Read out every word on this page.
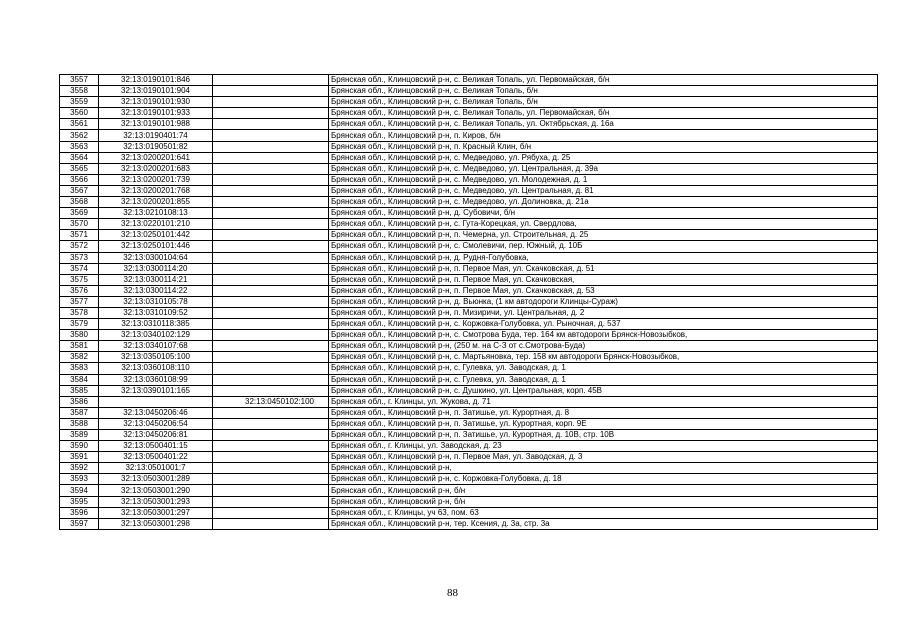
3557	32:13:0190101:846		Брянская обл., Клинцовский р-н, с. Великая Топаль, ул. Первомайская, б/н
3558	32:13:0190101:904		Брянская обл., Клинцовский р-н, с. Великая Топаль, б/н
3559	32:13:0190101:930		Брянская обл., Клинцовский р-н, с. Великая Топаль, б/н
3560	32:13:0190101:933		Брянская обл., Клинцовский р-н, с. Великая Топаль, ул. Первомайская, б/н
3561	32:13:0190101:988		Брянская обл., Клинцовский р-н, с. Великая Топаль, ул. Октябрьская, д. 16а
3562	32:13:0190401:74		Брянская обл., Клинцовский р-н, п. Киров, б/н
3563	32:13:0190501:82		Брянская обл., Клинцовский р-н, п. Красный Клин, б/н
3564	32:13:0200201:641		Брянская обл., Клинцовский р-н, с. Медведово, ул. Рябуха, д. 25
3565	32:13:0200201:683		Брянская обл., Клинцовский р-н, с. Медведово, ул. Центральная, д. 39а
3566	32:13:0200201:739		Брянская обл., Клинцовский р-н, с. Медведово, ул. Молодежная, д. 1
3567	32:13:0200201:768		Брянская обл., Клинцовский р-н, с. Медведово, ул. Центральная, д. 81
3568	32:13:0200201:855		Брянская обл., Клинцовский р-н, с. Медведово, ул. Долиновка, д. 21а
3569	32:13:0210108:13		Брянская обл., Клинцовский р-н, д. Субовичи, б/н
3570	32:13:0220101:210		Брянская обл., Клинцовский р-н, с. Гута-Корецкая, ул. Свердлова,
3571	32:13:0250101:442		Брянская обл., Клинцовский р-н, п. Чемерна, ул. Строительная, д. 25
3572	32:13:0250101:446		Брянская обл., Клинцовский р-н, с. Смолевичи, пер. Южный, д. 10Б
3573	32:13:0300104:64		Брянская обл., Клинцовский р-н, д. Рудня-Голубовка,
3574	32:13:0300114:20		Брянская обл., Клинцовский р-н, п. Первое Мая, ул. Скачковская, д. 51
3575	32:13:0300114:21		Брянская обл., Клинцовский р-н, п. Первое Мая, ул. Скачковская,
3576	32:13:0300114:22		Брянская обл., Клинцовский р-н, п. Первое Мая, ул. Скачковская, д. 53
3577	32:13:0310105:78		Брянская обл., Клинцовский р-н, д. Вьюнка, (1 км автодороги Клинцы-Сураж)
3578	32:13:0310109:52		Брянская обл., Клинцовский р-н, п. Мизиричи, ул. Центральная, д. 2
3579	32:13:0310118:385		Брянская обл., Клинцовский р-н, с. Коржовка-Голубовка, ул. Рыночная, д. 537
3580	32:13:0340102:129		Брянская обл., Клинцовский р-н, с. Смотрова Буда, тер. 164 км автодороги Брянск-Новозыбков,
3581	32:13:0340107:68		Брянская обл., Клинцовский р-н, (250 м. на С-З от с.Смотрова-Буда)
3582	32:13:0350105:100		Брянская обл., Клинцовский р-н, с. Мартьяновка, тер. 158 км автодороги Брянск-Новозыбков,
3583	32:13:0360108:110		Брянская обл., Клинцовский р-н, с. Гулевка, ул. Заводская, д. 1
3584	32:13:0360108:99		Брянская обл., Клинцовский р-н, с. Гулевка, ул. Заводская, д. 1
3585	32:13:0390101:165		Брянская обл., Клинцовский р-н, с. Душкино, ул. Центральная, корп. 45В
3586		32:13:0450102:100	Брянская обл., г. Клинцы, ул. Жукова, д. 71
3587	32:13:0450206:46		Брянская обл., Клинцовский р-н, п. Затишье, ул. Курортная, д. 8
3588	32:13:0450206:54		Брянская обл., Клинцовский р-н, п. Затишье, ул. Курортная, корп. 9Е
3589	32:13:0450206:81		Брянская обл., Клинцовский р-н, п. Затишье, ул. Курортная, д. 10В, стр. 10В
3590	32:13:0500401:15		Брянская обл., г. Клинцы, ул. Заводская, д. 23
3591	32:13:0500401:22		Брянская обл., Клинцовский р-н, п. Первое Мая, ул. Заводская, д. 3
3592	32:13:0501001:7		Брянская обл., Клинцовский р-н,
3593	32:13:0503001:289		Брянская обл., Клинцовский р-н, с. Коржовка-Голубовка, д. 18
3594	32:13:0503001:290		Брянская обл., Клинцовский р-н, б/н
3595	32:13:0503001:293		Брянская обл., Клинцовский р-н, б/н
3596	32:13:0503001:297		Брянская обл., г. Клинцы, уч 63, пом. 63
3597	32:13:0503001:298		Брянская обл., Клинцовский р-н, тер. Ксения, д. 3а, стр. 3а
88
